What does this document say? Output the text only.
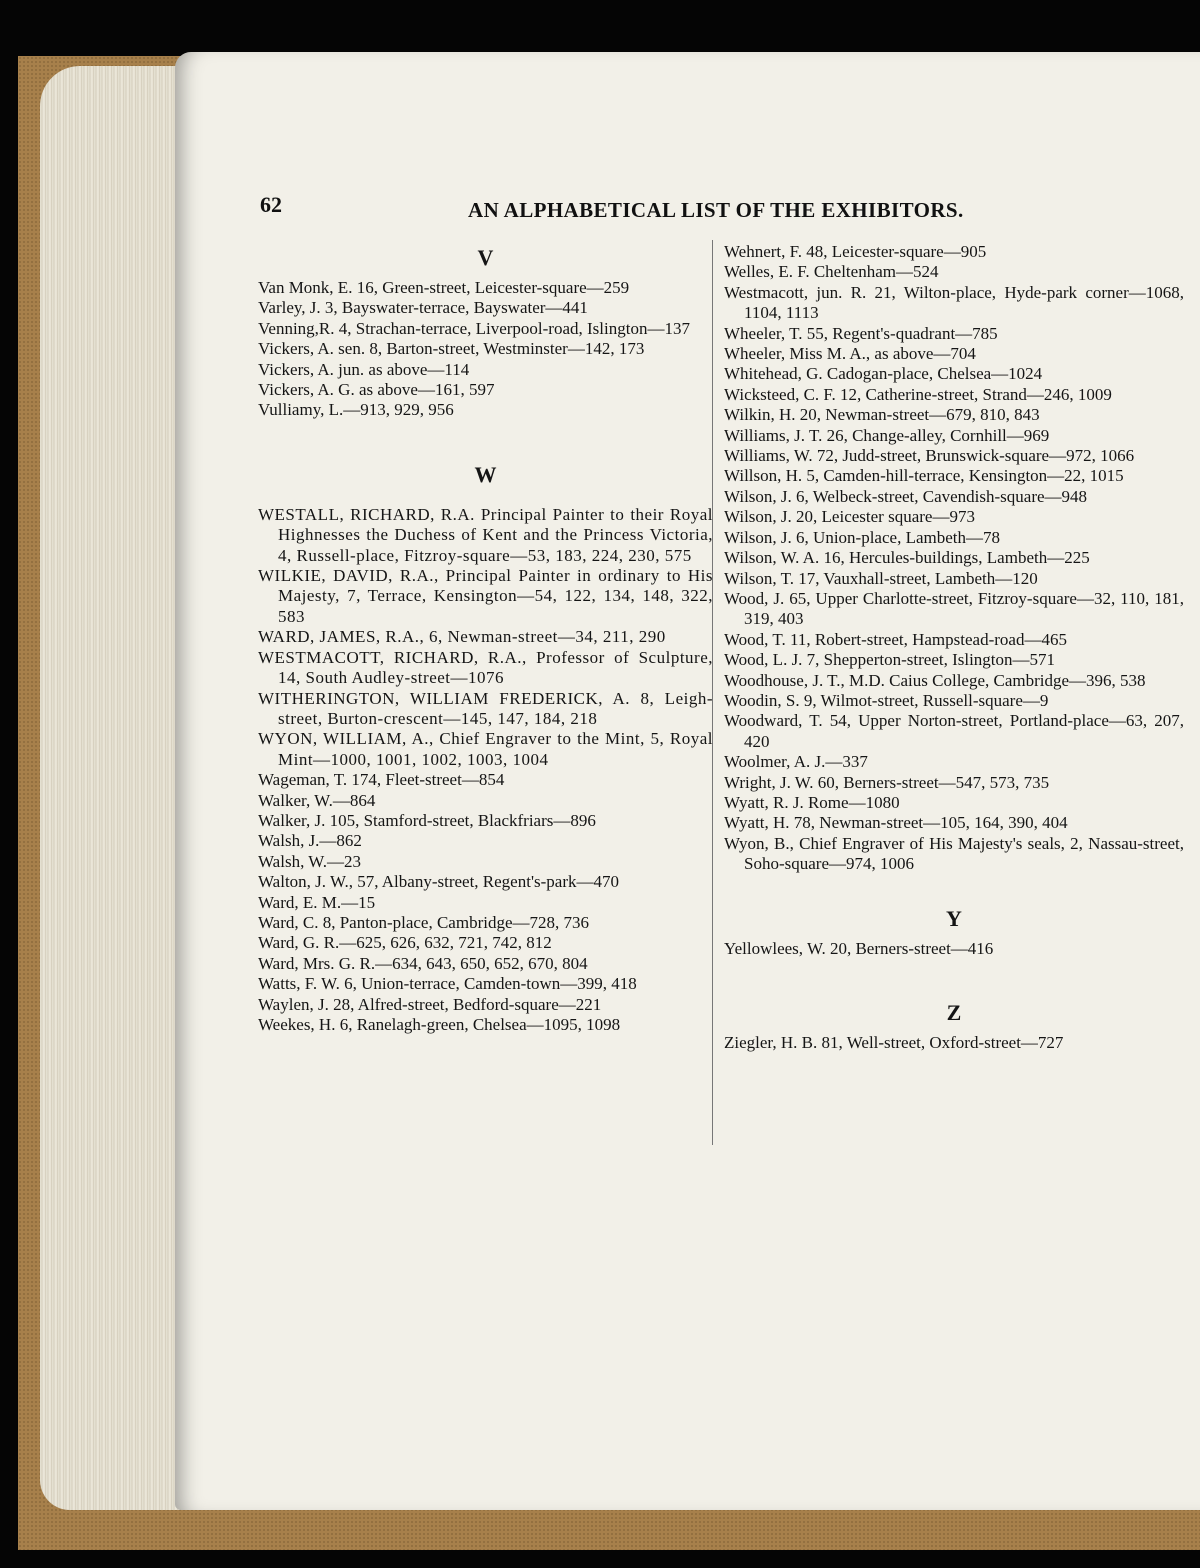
62	AN ALPHABETICAL LIST OF THE EXHIBITORS.
V
Van Monk, E. 16, Green-street, Leicester-square—259
Varley, J. 3, Bayswater-terrace, Bayswater—441
Venning,R. 4, Strachan-terrace, Liverpool-road, Islington—137
Vickers, A. sen. 8, Barton-street, Westminster—142, 173
Vickers, A. jun. as above—114
Vickers, A. G. as above—161, 597
Vulliamy, L.—913, 929, 956
W
WESTALL, RICHARD, R.A. Principal Painter to their Royal Highnesses the Duchess of Kent and the Princess Victoria, 4, Russell-place, Fitzroy-square—53, 183, 224, 230, 575
WILKIE, DAVID, R.A., Principal Painter in ordinary to His Majesty, 7, Terrace, Kensington—54, 122, 134, 148, 322, 583
WARD, JAMES, R.A., 6, Newman-street—34, 211, 290
WESTMACOTT, RICHARD, R.A., Professor of Sculpture, 14, South Audley-street—1076
WITHERINGTON, WILLIAM FREDERICK, A. 8, Leigh-street, Burton-crescent—145, 147, 184, 218
WYON, WILLIAM, A., Chief Engraver to the Mint, 5, Royal Mint—1000, 1001, 1002, 1003, 1004
Wageman, T. 174, Fleet-street—854
Walker, W.—864
Walker, J. 105, Stamford-street, Blackfriars—896
Walsh, J.—862
Walsh, W.—23
Walton, J. W., 57, Albany-street, Regent's-park—470
Ward, E. M.—15
Ward, C. 8, Panton-place, Cambridge—728, 736
Ward, G. R.—625, 626, 632, 721, 742, 812
Ward, Mrs. G. R.—634, 643, 650, 652, 670, 804
Watts, F. W. 6, Union-terrace, Camden-town—399, 418
Waylen, J. 28, Alfred-street, Bedford-square—221
Weekes, H. 6, Ranelagh-green, Chelsea—1095, 1098
Wehnert, F. 48, Leicester-square—905
Welles, E. F. Cheltenham—524
Westmacott, jun. R. 21, Wilton-place, Hyde-park corner—1068, 1104, 1113
Wheeler, T. 55, Regent's-quadrant—785
Wheeler, Miss M. A., as above—704
Whitehead, G. Cadogan-place, Chelsea—1024
Wicksteed, C. F. 12, Catherine-street, Strand—246, 1009
Wilkin, H. 20, Newman-street—679, 810, 843
Williams, J. T. 26, Change-alley, Cornhill—969
Williams, W. 72, Judd-street, Brunswick-square—972, 1066
Willson, H. 5, Camden-hill-terrace, Kensington—22, 1015
Wilson, J. 6, Welbeck-street, Cavendish-square—948
Wilson, J. 20, Leicester square—973
Wilson, J. 6, Union-place, Lambeth—78
Wilson, W. A. 16, Hercules-buildings, Lambeth—225
Wilson, T. 17, Vauxhall-street, Lambeth—120
Wood, J. 65, Upper Charlotte-street, Fitzroy-square—32, 110, 181, 319, 403
Wood, T. 11, Robert-street, Hampstead-road—465
Wood, L. J. 7, Shepperton-street, Islington—571
Woodhouse, J. T., M.D. Caius College, Cambridge—396, 538
Woodin, S. 9, Wilmot-street, Russell-square—9
Woodward, T. 54, Upper Norton-street, Portland-place—63, 207, 420
Woolmer, A. J.—337
Wright, J. W. 60, Berners-street—547, 573, 735
Wyatt, R. J. Rome—1080
Wyatt, H. 78, Newman-street—105, 164, 390, 404
Wyon, B., Chief Engraver of His Majesty's seals, 2, Nassau-street, Soho-square—974, 1006
Y
Yellowlees, W. 20, Berners-street—416
Z
Ziegler, H. B. 81, Well-street, Oxford-street—727
